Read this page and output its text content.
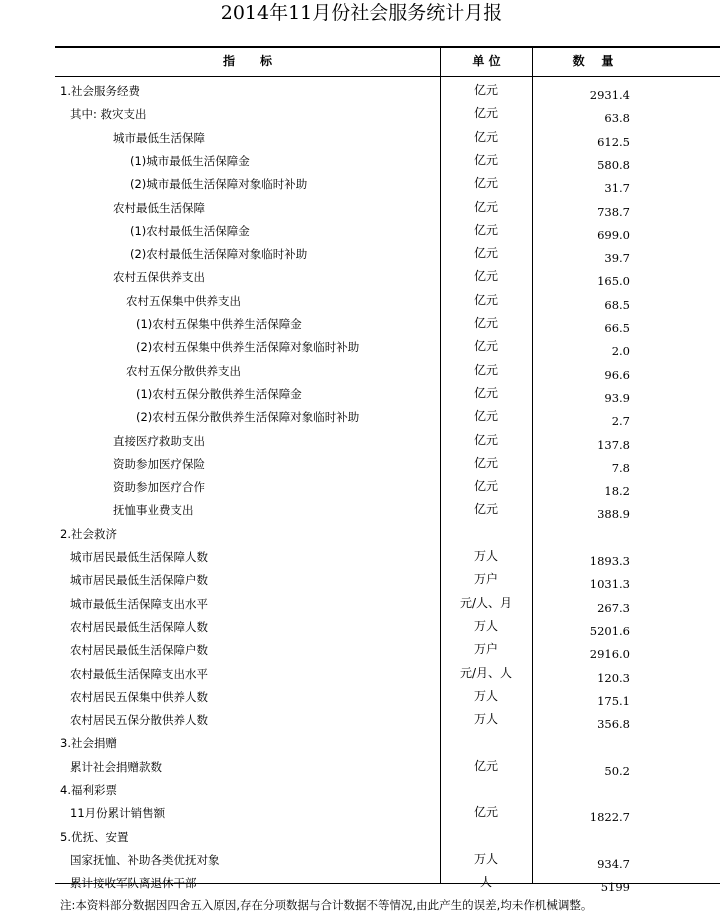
2014年11月份社会服务统计月报
指      标	单 位	数    量
1.社会服务经费	亿元	2931.4
其中: 救灾支出	亿元	63.8
城市最低生活保障	亿元	612.5
(1)城市最低生活保障金	亿元	580.8
(2)城市最低生活保障对象临时补助	亿元	31.7
农村最低生活保障	亿元	738.7
(1)农村最低生活保障金	亿元	699.0
(2)农村最低生活保障对象临时补助	亿元	39.7
农村五保供养支出	亿元	165.0
农村五保集中供养支出	亿元	68.5
(1)农村五保集中供养生活保障金	亿元	66.5
(2)农村五保集中供养生活保障对象临时补助	亿元	2.0
农村五保分散供养支出	亿元	96.6
(1)农村五保分散供养生活保障金	亿元	93.9
(2)农村五保分散供养生活保障对象临时补助	亿元	2.7
直接医疗救助支出	亿元	137.8
资助参加医疗保险	亿元	7.8
资助参加医疗合作	亿元	18.2
抚恤事业费支出	亿元	388.9
2.社会救济
城市居民最低生活保障人数	万人	1893.3
城市居民最低生活保障户数	万户	1031.3
城市最低生活保障支出水平	元/人、月	267.3
农村居民最低生活保障人数	万人	5201.6
农村居民最低生活保障户数	万户	2916.0
农村最低生活保障支出水平	元/月、人	120.3
农村居民五保集中供养人数	万人	175.1
农村居民五保分散供养人数	万人	356.8
3.社会捐赠
累计社会捐赠款数	亿元	50.2
4.福利彩票
11月份累计销售额	亿元	1822.7
5.优抚、安置
国家抚恤、补助各类优抚对象	万人	934.7
累计接收军队离退休干部	人	5199
注:本资料部分数据因四舍五入原因,存在分项数据与合计数据不等情况,由此产生的误差,均未作机械调整。
